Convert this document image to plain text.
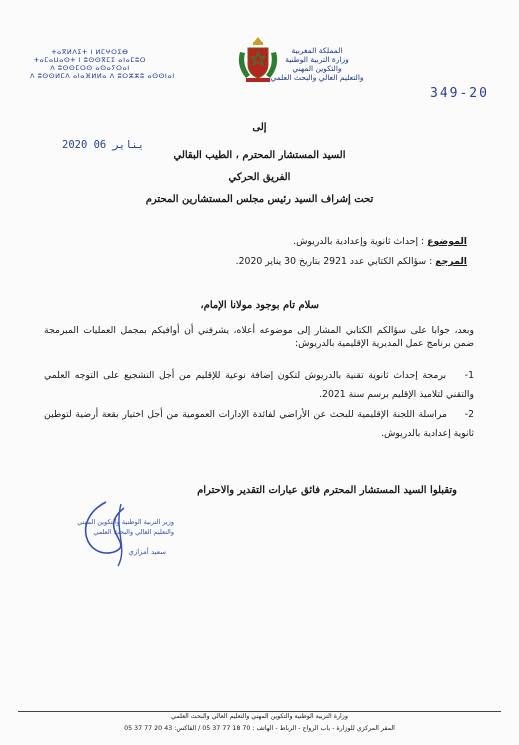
ⵜⴰⴳⵍⴷⵉⵜ ⵏ ⵍⵎⵖⵔⵉⴱ
ⵜⴰⵎⴰⵡⴰⵙⵜ ⵏ ⵓⵙⵙⴳⵎⵉ ⴰⵏⴰⵎⵓⵔ
ⴷ ⵓⵙⵙⵎⵔⵙ ⴰⵙⴰⵢⵔⴰⵏ
ⴷ ⵓⵙⵙⵍⵎⴷ ⴰⵏⴰⴼⵍⵍⴰ ⴷ ⵓⵔⵣⵣⵓ ⴰⵙⵙⵏⴰⵏ
المملكة المغربية
وزارة التربية الوطنية
والتكوين المهني
والتعليم العالي والبحث العلمي
349-20
2020 يناير 06
إلى
السيد المستشار المحترم ، الطيب البقالي
الفريق الحركي
تحت إشراف السيد رئيس مجلس المستشارين المحترم
الموضوع : إحداث ثانوية وإعدادية بالدريوش.
المرجع : سؤالكم الكتابي عدد 2921 بتاريخ 30 يناير 2020.
سلام تام بوجود مولانا الإمام،
وبعد، جوابا على سؤالكم الكتابي المشار إلى موضوعه أعلاه، يشرفني أن أوافيكم بمجمل العمليات المبرمجة ضمن برنامج عمل المديرية الإقليمية بالدريوش:
1- برمجة إحداث ثانوية تقنية بالدريوش لتكون إضافة نوعية للإقليم من أجل التشجيع على التوجه العلمي والتقني لتلاميذ الإقليم برسم سنة 2021.
2- مراسلة اللجنة الإقليمية للبحث عن الأراضي لفائدة الإدارات العمومية من أجل اختيار بقعة أرضية لتوطين ثانوية إعدادية بالدريوش.
وتقبلوا السيد المستشار المحترم فائق عبارات التقدير والاحترام
وزير التربية الوطنية والتكوين المهني
والتعليم العالي والبحث العلمي
سعيد أمزازي
وزارة التربية الوطنية والتكوين المهني والتعليم العالي والبحث العلمي
المقر المركزي للوزارة - باب الرواح - الرباط - الهاتف : 70 18 77 37 05 / الفاكس: 43 20 77 37 05
